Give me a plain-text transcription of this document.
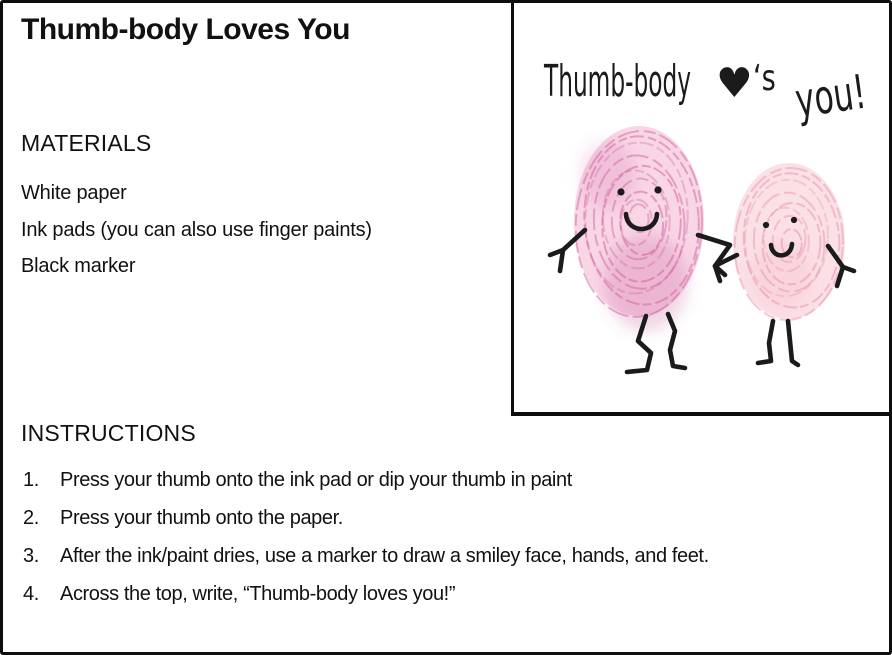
Thumb-body Loves You
MATERIALS
White paper
Ink pads (you can also use finger paints)
Black marker
INSTRUCTIONS
1.	Press your thumb onto the ink pad or dip your thumb in paint
2.	Press your thumb onto the paper.
3.	After the ink/paint dries, use a marker to draw a smiley face, hands, and feet.
4.	Across the top, write, “Thumb-body loves you!”
Thumb-body ♥ ‘s you!
